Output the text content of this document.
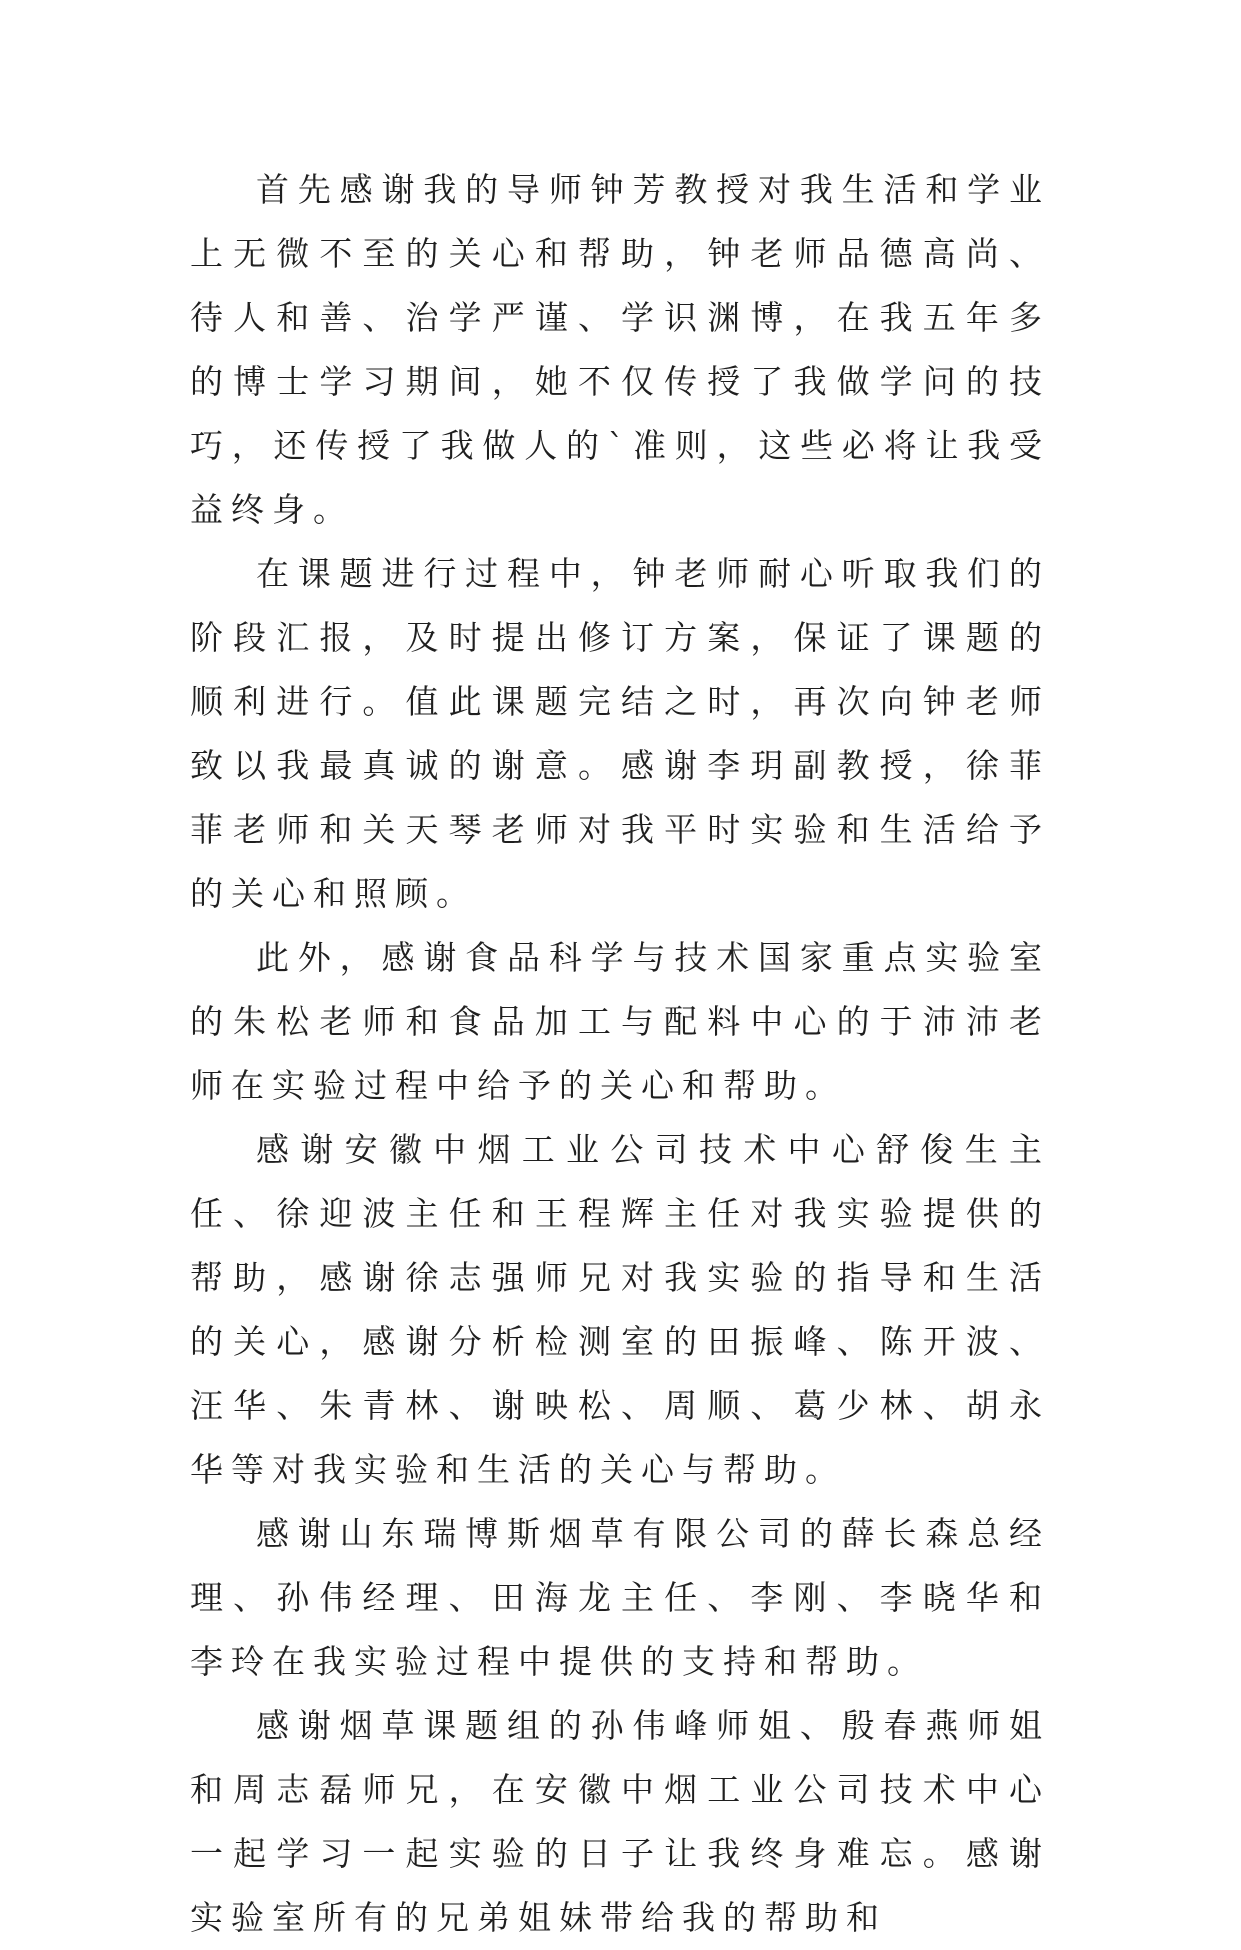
首先感谢我的导师钟芳教授对我生活和学业上无微不至的关心和帮助，钟老师品德高尚、待人和善、治学严谨、学识渊博，在我五年多的博士学习期间，她不仅传授了我做学问的技巧，还传授了我做人的`准则，这些必将让我受益终身。

在课题进行过程中，钟老师耐心听取我们的阶段汇报，及时提出修订方案，保证了课题的顺利进行。值此课题完结之时，再次向钟老师致以我最真诚的谢意。感谢李玥副教授，徐菲菲老师和关天琴老师对我平时实验和生活给予的关心和照顾。

此外，感谢食品科学与技术国家重点实验室的朱松老师和食品加工与配料中心的于沛沛老师在实验过程中给予的关心和帮助。

感谢安徽中烟工业公司技术中心舒俊生主任、徐迎波主任和王程辉主任对我实验提供的帮助，感谢徐志强师兄对我实验的指导和生活的关心，感谢分析检测室的田振峰、陈开波、汪华、朱青林、谢映松、周顺、葛少林、胡永华等对我实验和生活的关心与帮助。

感谢山东瑞博斯烟草有限公司的薛长森总经理、孙伟经理、田海龙主任、李刚、李晓华和李玲在我实验过程中提供的支持和帮助。

感谢烟草课题组的孙伟峰师姐、殷春燕师姐和周志磊师兄，在安徽中烟工业公司技术中心一起学习一起实验的日子让我终身难忘。感谢实验室所有的兄弟姐妹带给我的帮助和
